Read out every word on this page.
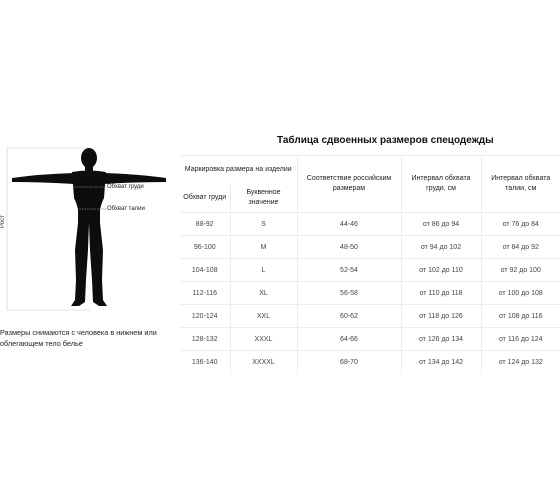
Рост
Обхват груди
Обхват талии
Размеры снимаются с человека в нижнем или облегающем тело белье
Таблица сдвоенных размеров спецодежды
Маркировка размера на изделии		Соответствие российским размерам	Интервал обхвата груди, см	Интервал обхвата талии, см
Обхват груди	Буквенное значение			
88-92	S	44-46	от 86 до 94	от 76 до 84
96-100	M	48-50	от 94 до 102	от 84 до 92
104-108	L	52-54	от 102 до 110	от 92 до 100
112-116	XL	56-58	от 110 до 118	от 100 до 108
120-124	XXL	60-62	от 118 до 126	от 108 до 116
128-132	XXXL	64-66	от 126 до 134	от 116 до 124
136-140	XXXXL	68-70	от 134 до 142	от 124 до 132
